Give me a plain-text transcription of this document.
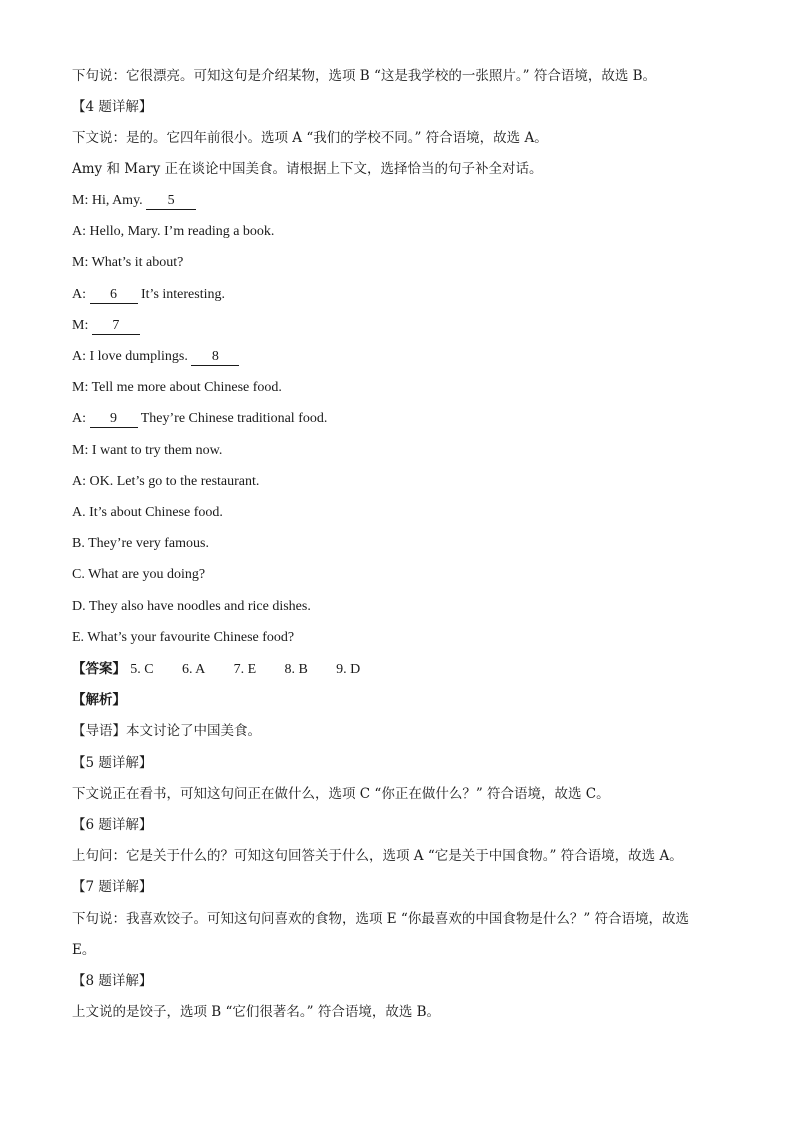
下句说：它很漂亮。可知这句是介绍某物，选项 B “这是我学校的一张照片。” 符合语境，故选 B。
【4 题详解】
下文说：是的。它四年前很小。选项 A “我们的学校不同。” 符合语境，故选 A。
Amy 和 Mary 正在谈论中国美食。请根据上下文，选择恰当的句子补全对话。
M: Hi, Amy. 5
A: Hello, Mary. I’m reading a book.
M: What’s it about?
A: 6 It’s interesting.
M: 7
A: I love dumplings. 8
M: Tell me more about Chinese food.
A: 9 They’re Chinese traditional food.
M: I want to try them now.
A: OK. Let’s go to the restaurant.
A. It’s about Chinese food.
B. They’re very famous.
C. What are you doing?
D. They also have noodles and rice dishes.
E. What’s your favourite Chinese food?
【答案】 5. C 6. A 7. E 8. B 9. D
【解析】
【导语】本文讨论了中国美食。
【5 题详解】
下文说正在看书，可知这句问正在做什么，选项 C “你正在做什么？” 符合语境，故选 C。
【6 题详解】
上句问：它是关于什么的？可知这句回答关于什么，选项 A “它是关于中国食物。” 符合语境，故选 A。
【7 题详解】
下句说：我喜欢饺子。可知这句问喜欢的食物，选项 E “你最喜欢的中国食物是什么？” 符合语境，故选
E。
【8 题详解】
上文说的是饺子，选项 B “它们很著名。” 符合语境，故选 B。
